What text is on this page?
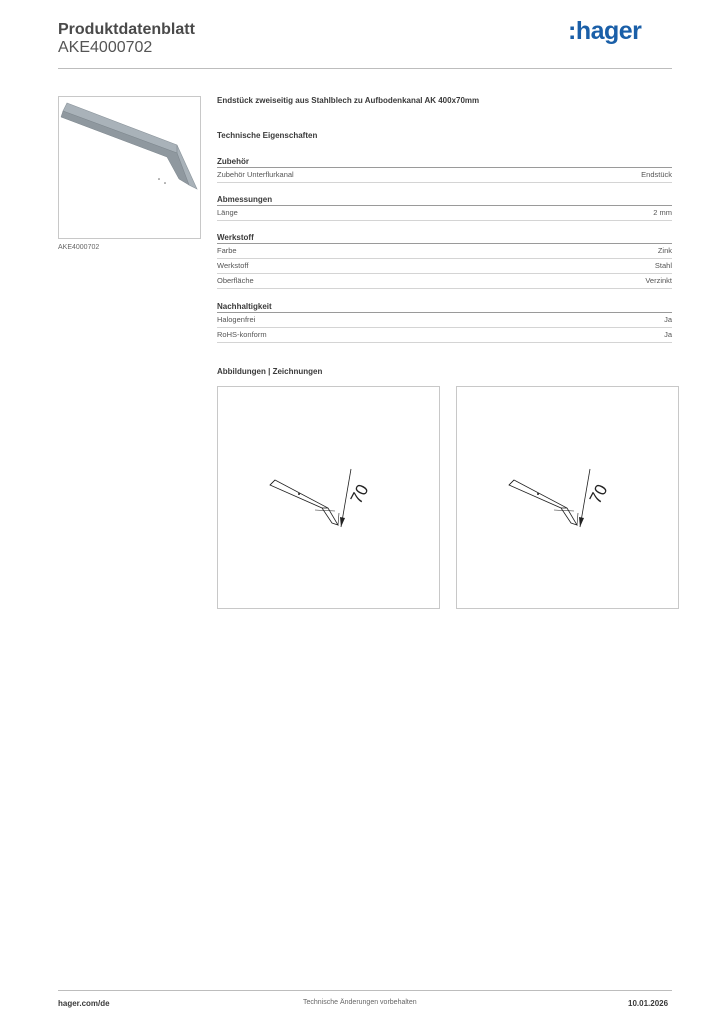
Produktdatenblatt
AKE4000702
:hager
AKE4000702
Endstück zweiseitig aus Stahlblech zu Aufbodenkanal AK 400x70mm
Technische Eigenschaften
Zubehör
Zubehör Unterflurkanal	Endstück
Abmessungen
Länge	2 mm
Werkstoff
Farbe	Zink
Werkstoff	Stahl
Oberfläche	Verzinkt
Nachhaltigkeit
Halogenfrei	Ja
RoHS-konform	Ja
Abbildungen | Zeichnungen
70	70
hager.com/de	Technische Änderungen vorbehalten	10.01.2026
